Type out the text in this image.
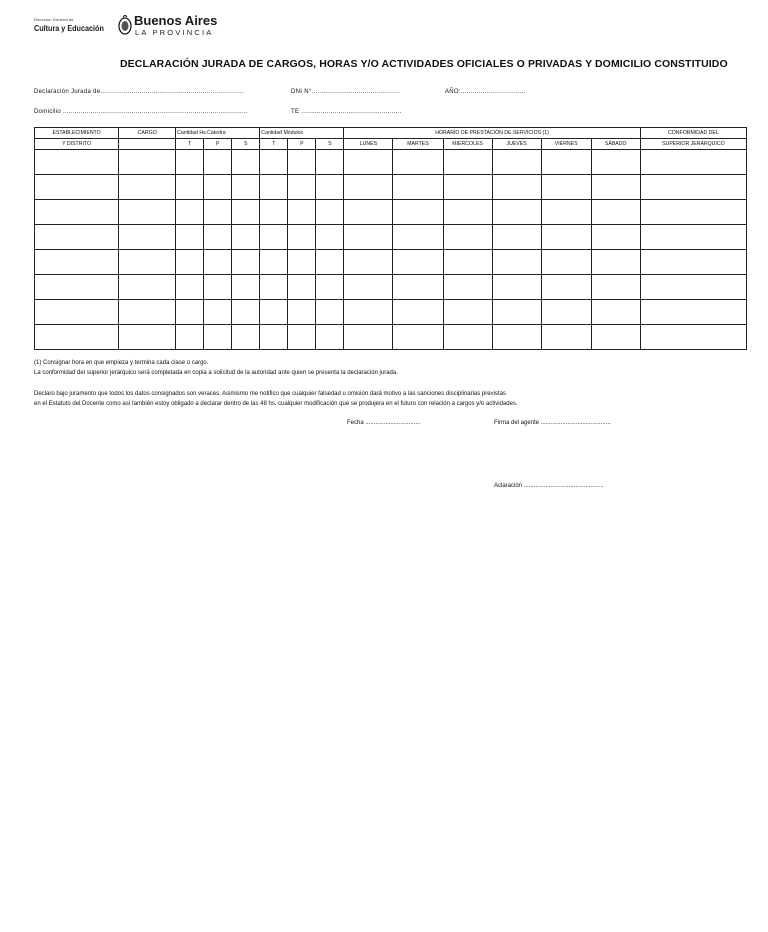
Dirección General de
Cultura y Educación Buenos Aires
LA PROVINCIA
DECLARACIÓN JURADA DE CARGOS, HORAS Y/O ACTIVIDADES OFICIALES O PRIVADAS Y DOMICILIO CONSTITUIDO
Declaración Jurada de.........................................................................	DNI N°.............................................	AÑO:.................................
Domicilio ..............................................................................................	TE ...................................................
ESTABLECIMIENTO	CARGO	Cantidad Hs.Cátedra			Cantidad Módulos			HORARIO DE PRESTACIÓN DE SERVICIOS (1)						CONFORMIDAD DEL
Y DISTRITO		T	P	S	T	P	S	LUNES	MARTES	MIÉRCOLES	JUEVES	VIERNES	SÁBADO	SUPERIOR JERÁRQUICO

(1) Consignar hora en que empieza y termina cada clase o cargo.
La conformidad del superior jerárquico será completada en copia a solicitud de la autoridad ante quien se presenta la declaración jurada.
Declaro bajo juramento que todos los datos consignados son veraces. Asimismo me notifico que cualquier falsedad u omisión dará motivo a las sanciones disciplinarias previstas
en el Estatuto del Docente como así también estoy obligado a declarar dentro de las 48 hs. cualquier modificación que se produjera en el futuro con relación a cargos y/o actividades.
Fecha .................................	Firma del agente ..........................................
Aclaración ................................................
